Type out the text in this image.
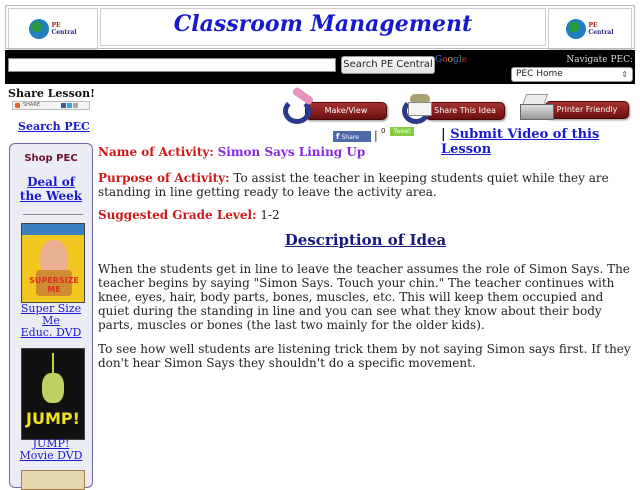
PE
Central	Classroom Management	PE
Central
Search PE Central Google	Navigate PEC:
PEC Home	⇕
Share Lesson!
SHARE
Search PEC
Shop PEC
Deal of
the Week
SUPERSIZE ME
Super Size
Me
Educ. DVD
JUMP!
JUMP!
Movie DVD
Make/View Comments
Share This Idea	Printer Friendly
f Share	| 0	Tweet | Submit Video of this Lesson
Name of Activity: Simon Says Lining Up
Purpose of Activity: To assist the teacher in keeping students quiet while they are standing in line getting ready to leave the activity area.
Suggested Grade Level: 1-2
Description of Idea
When the students get in line to leave the teacher assumes the role of Simon Says. The teacher begins by saying "Simon Says. Touch your chin." The teacher continues with knee, eyes, hair, body parts, bones, muscles, etc. This will keep them occupied and quiet during the standing in line and you can see what they know about their body parts, muscles or bones (the last two mainly for the older kids).
To see how well students are listening trick them by not saying Simon says first. If they don't hear Simon Says they shouldn't do a specific movement.
